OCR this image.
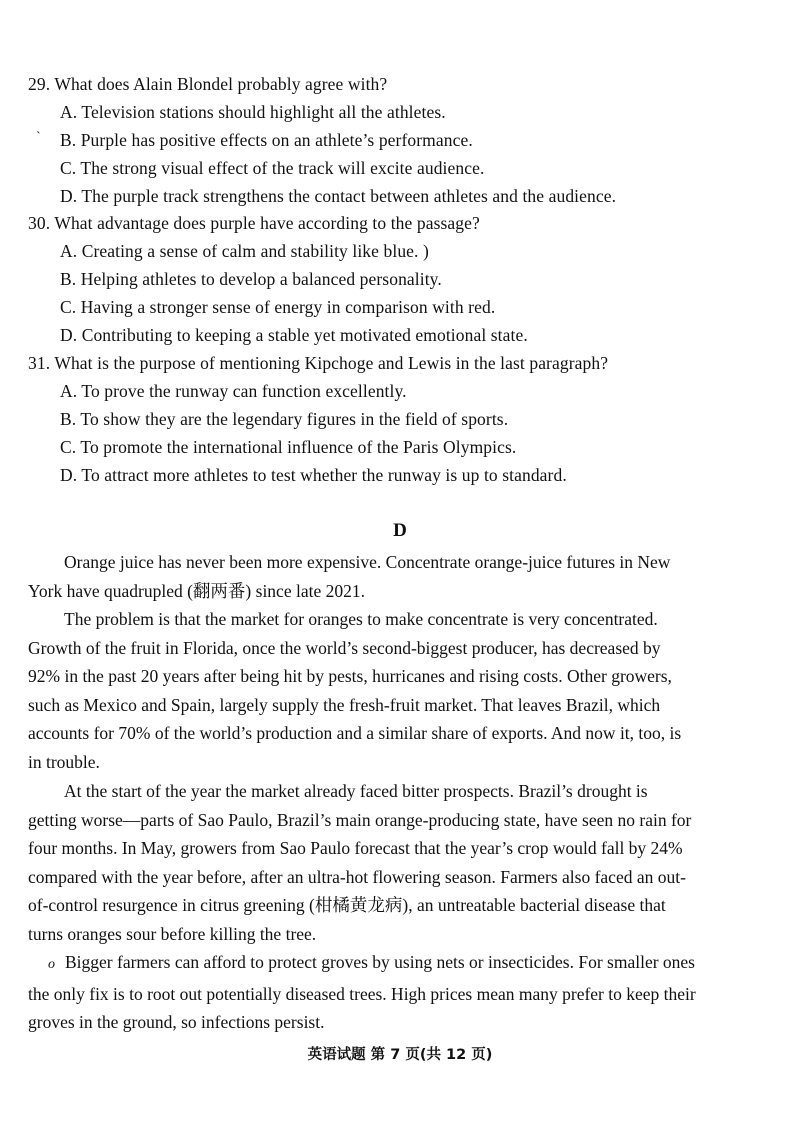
29. What does Alain Blondel probably agree with?
A. Television stations should highlight all the athletes.
` B. Purple has positive effects on an athlete’s performance.
C. The strong visual effect of the track will excite audience.
D. The purple track strengthens the contact between athletes and the audience.
30. What advantage does purple have according to the passage?
A. Creating a sense of calm and stability like blue. )
B. Helping athletes to develop a balanced personality.
C. Having a stronger sense of energy in comparison with red.
D. Contributing to keeping a stable yet motivated emotional state.
31. What is the purpose of mentioning Kipchoge and Lewis in the last paragraph?
A. To prove the runway can function excellently.
B. To show they are the legendary figures in the field of sports.
C. To promote the international influence of the Paris Olympics.
D. To attract more athletes to test whether the runway is up to standard.
D
Orange juice has never been more expensive. Concentrate orange-juice futures in New
York have quadrupled (翻两番) since late 2021.
The problem is that the market for oranges to make concentrate is very concentrated.
Growth of the fruit in Florida, once the world’s second-biggest producer, has decreased by
92% in the past 20 years after being hit by pests, hurricanes and rising costs. Other growers,
such as Mexico and Spain, largely supply the fresh-fruit market. That leaves Brazil, which
accounts for 70% of the world’s production and a similar share of exports. And now it, too, is
in trouble.
At the start of the year the market already faced bitter prospects. Brazil’s drought is
getting worse—parts of Sao Paulo, Brazil’s main orange-producing state, have seen no rain for
four months. In May, growers from Sao Paulo forecast that the year’s crop would fall by 24%
compared with the year before, after an ultra-hot flowering season. Farmers also faced an out-
of-control resurgence in citrus greening (柑橘黄龙病), an untreatable bacterial disease that
turns oranges sour before killing the tree.
o Bigger farmers can afford to protect groves by using nets or insecticides. For smaller ones
the only fix is to root out potentially diseased trees. High prices mean many prefer to keep their
groves in the ground, so infections persist.
英语试题 第 7 页(共 12 页)
